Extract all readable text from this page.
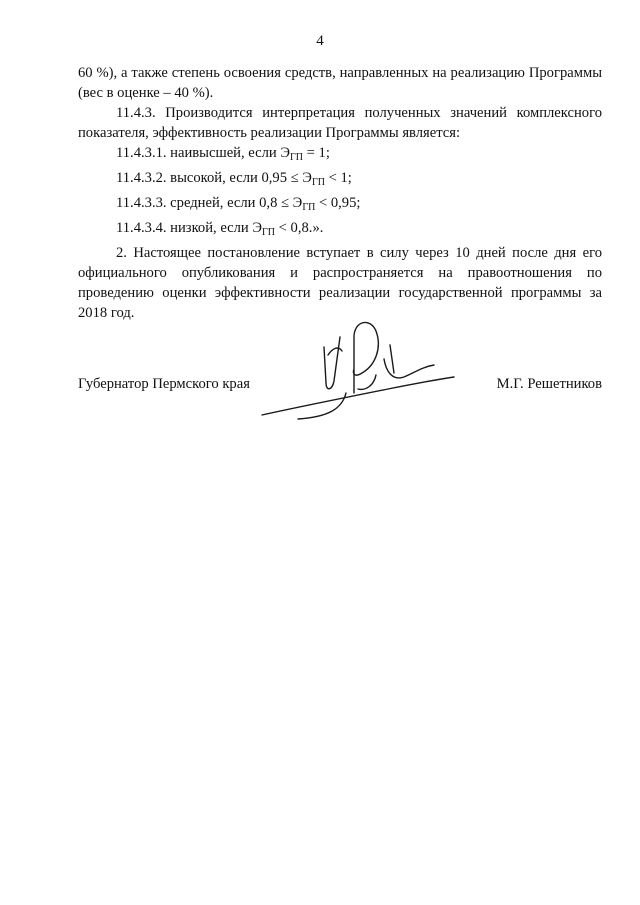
4

60 %), а также степень освоения средств, направленных на реализацию Программы (вес в оценке – 40 %).

11.4.3. Производится интерпретация полученных значений комплексного показателя, эффективность реализации Программы является:

11.4.3.1. наивысшей, если $Э_{ГП} = 1$;

11.4.3.2. высокой, если $0,95 \le Э_{ГП} < 1$;

11.4.3.3. средней, если $0,8 \le Э_{ГП} < 0,95$;

11.4.3.4. низкой, если $Э_{ГП} < 0,8$.».

2. Настоящее постановление вступает в силу через 10 дней после дня его официального опубликования и распространяется на правоотношения по проведению оценки эффективности реализации государственной программы за 2018 год.

Губернатор Пермского края	М.Г. Решетников
